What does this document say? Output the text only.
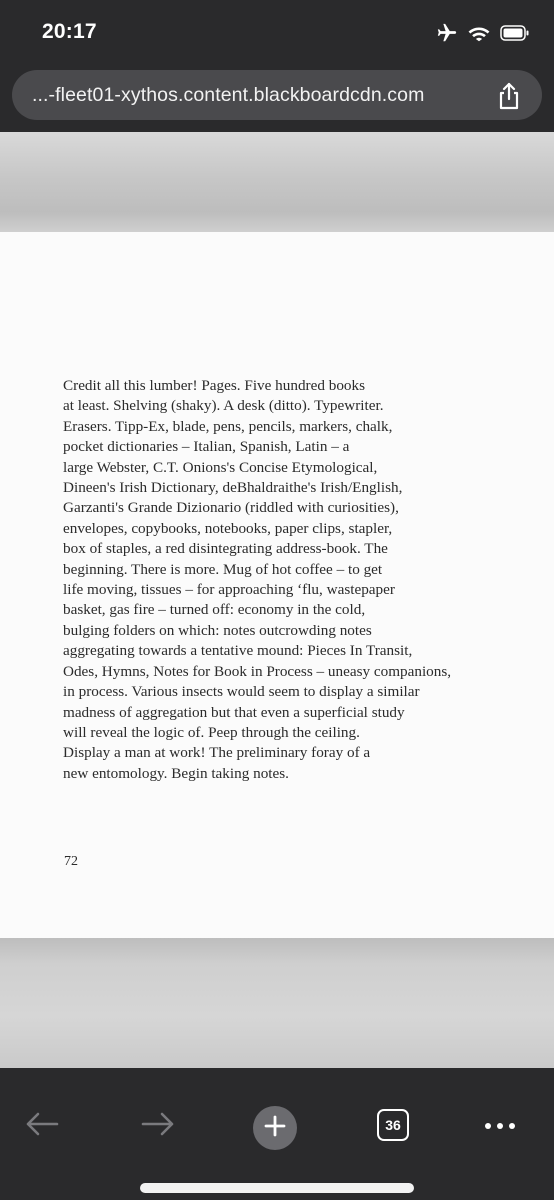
20:17
...-fleet01-xythos.content.blackboardcdn.com
Credit all this lumber! Pages. Five hundred books
at least. Shelving (shaky). A desk (ditto). Typewriter.
Erasers. Tipp-Ex, blade, pens, pencils, markers, chalk,
pocket dictionaries – Italian, Spanish, Latin – a
large Webster, C.T. Onions's Concise Etymological,
Dineen's Irish Dictionary, deBhaldraithe's Irish/English,
Garzanti's Grande Dizionario (riddled with curiosities),
envelopes, copybooks, notebooks, paper clips, stapler,
box of staples, a red disintegrating address-book. The
beginning. There is more. Mug of hot coffee – to get
life moving, tissues – for approaching ‘flu, wastepaper
basket, gas fire – turned off: economy in the cold,
bulging folders on which: notes outcrowding notes
aggregating towards a tentative mound: Pieces In Transit,
Odes, Hymns, Notes for Book in Process – uneasy companions,
in process. Various insects would seem to display a similar
madness of aggregation but that even a superficial study
will reveal the logic of. Peep through the ceiling.
Display a man at work! The preliminary foray of a
new entomology. Begin taking notes.
72
36
